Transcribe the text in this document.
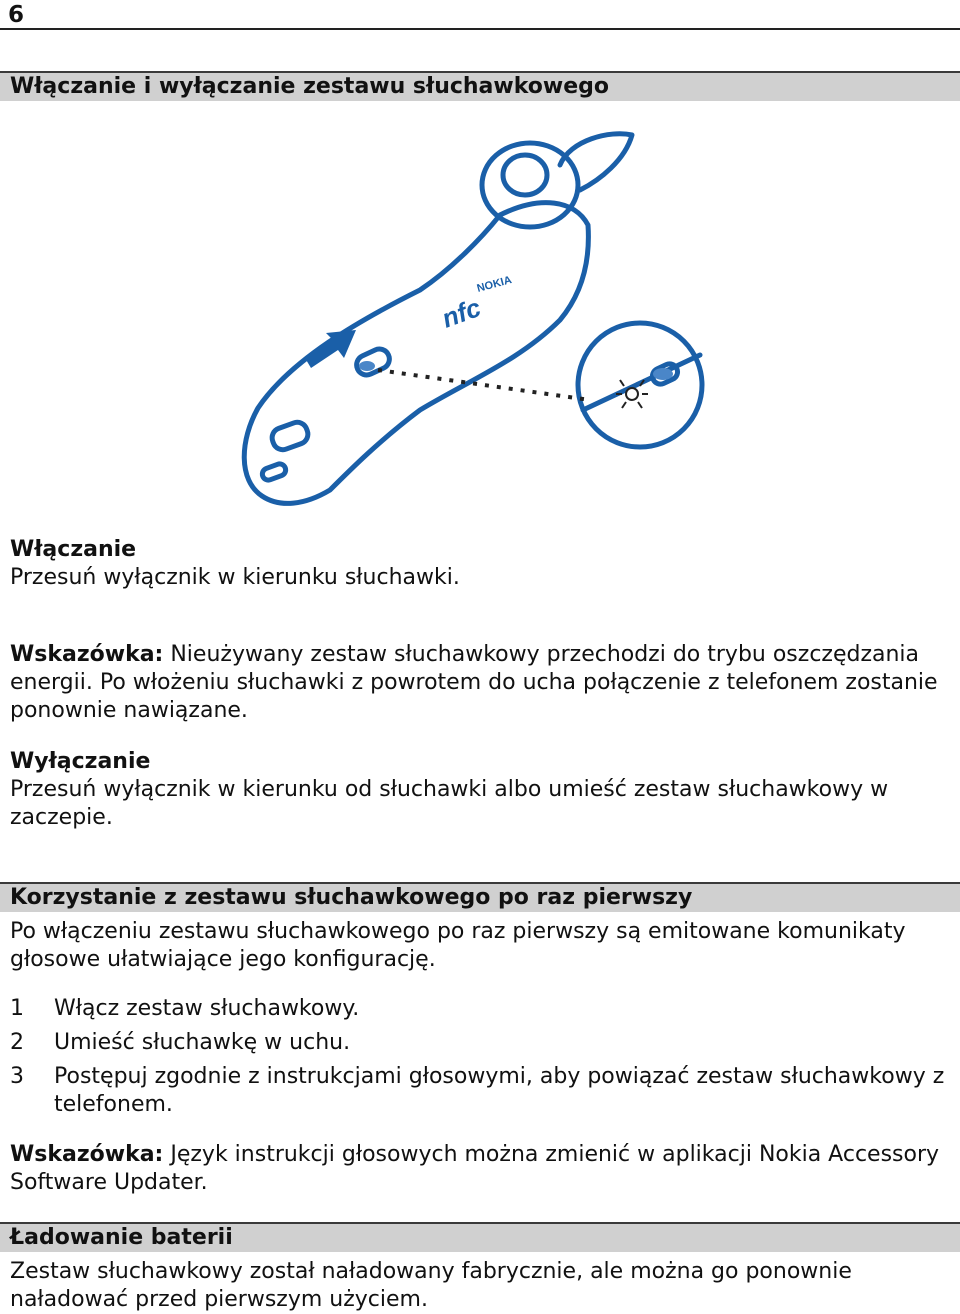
6
Włączanie i wyłączanie zestawu słuchawkowego
NOKIA
nfc
Włączanie
Przesuń wyłącznik w kierunku słuchawki.
Wskazówka: Nieużywany zestaw słuchawkowy przechodzi do trybu oszczędzania energii. Po włożeniu słuchawki z powrotem do ucha połączenie z telefonem zostanie ponownie nawiązane.
Wyłączanie
Przesuń wyłącznik w kierunku od słuchawki albo umieść zestaw słuchawkowy w zaczepie.
Korzystanie z zestawu słuchawkowego po raz pierwszy
Po włączeniu zestawu słuchawkowego po raz pierwszy są emitowane komunikaty głosowe ułatwiające jego konfigurację.
1	Włącz zestaw słuchawkowy.
2	Umieść słuchawkę w uchu.
3	Postępuj zgodnie z instrukcjami głosowymi, aby powiązać zestaw słuchawkowy z telefonem.
Wskazówka: Język instrukcji głosowych można zmienić w aplikacji Nokia Accessory Software Updater.
Ładowanie baterii
Zestaw słuchawkowy został naładowany fabrycznie, ale można go ponownie naładować przed pierwszym użyciem.
